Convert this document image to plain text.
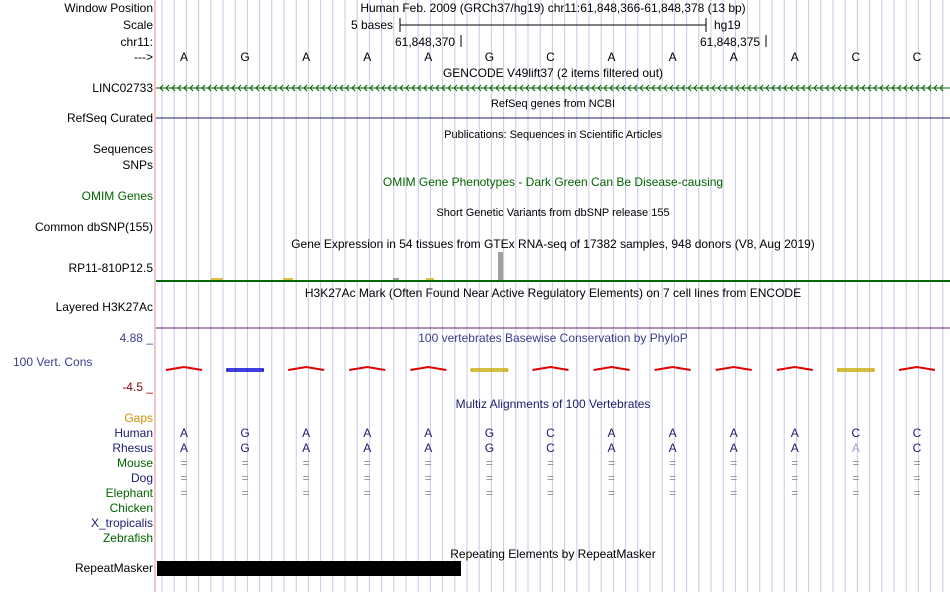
Window Position	Human Feb. 2009 (GRCh37/hg19) chr11:61,848,366-61,848,378 (13 bp)
Scale	5 bases	hg19
chr11:	61,848,370	61,848,375
--->	A	G	A	A	A	G	C	A	A	A	A	C	C
GENCODE V49lift37 (2 items filtered out)
LINC02733
RefSeq genes from NCBI
RefSeq Curated
Publications: Sequences in Scientific Articles
Sequences
SNPs
OMIM Gene Phenotypes - Dark Green Can Be Disease-causing
OMIM Genes
Short Genetic Variants from dbSNP release 155
Common dbSNP(155)
Gene Expression in 54 tissues from GTEx RNA-seq of 17382 samples, 948 donors (V8, Aug 2019)
RP11-810P12.5
H3K27Ac Mark (Often Found Near Active Regulatory Elements) on 7 cell lines from ENCODE
Layered H3K27Ac
4.88 _	100 vertebrates Basewise Conservation by PhyloP
100 Vert. Cons
-4.5 _
Multiz Alignments of 100 Vertebrates
Gaps
Human	A	G	A	A	A	G	C	A	A	A	A	C	C
Rhesus	A	G	A	A	A	G	C	A	A	A	A	A	C
Mouse	=	=	=	=	=	=	=	=	=	=	=	=	=
Dog	=	=	=	=	=	=	=	=	=	=	=	=	=
Elephant	=	=	=	=	=	=	=	=	=	=	=	=	=
Chicken
X_tropicalis
Zebrafish
Repeating Elements by RepeatMasker
RepeatMasker
